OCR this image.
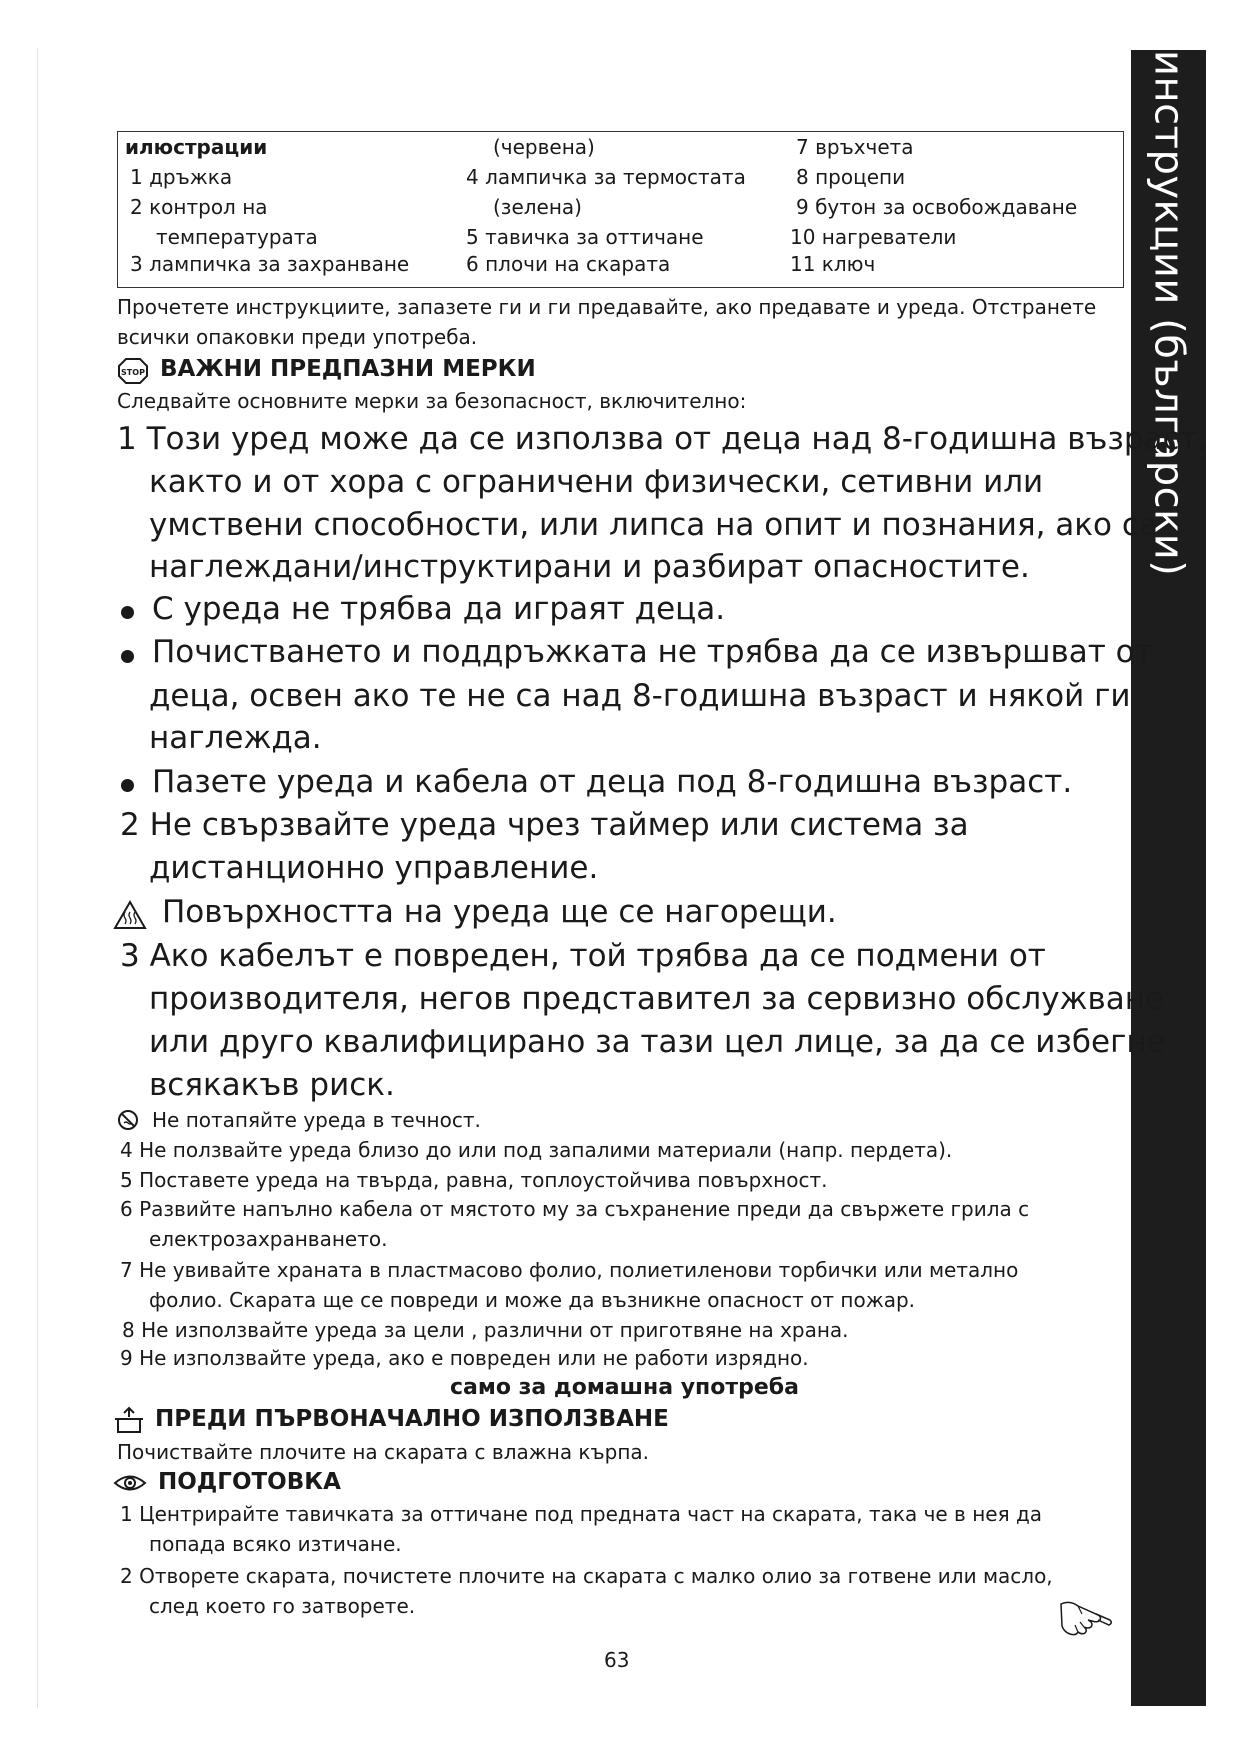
инструкции (български)
илюстрации
1 дръжка
2 контрол на
температурата
3 лампичка за захранване
(червена)
4 лампичка за термостата
(зелена)
5 тавичка за оттичане
6 плочи на скарата
7 връхчета
8 процепи
9 бутон за освобождаване
10 нагреватели
11 ключ
Прочетете инструкциите, запазете ги и ги предавайте, ако предавате и уреда. Отстранете
всички опаковки преди употреба.
STOP ВАЖНИ ПРЕДПАЗНИ МЕРКИ
Следвайте основните мерки за безопасност, включително:
1 Този уред може да се използва от деца над 8-годишна възраст,
както и от хора с ограничени физически, сетивни или
умствени способности, или липса на опит и познания, ако са
наглеждани/инструктирани и разбират опасностите.
С уреда не трябва да играят деца.
Почистването и поддръжката не трябва да се извършват от
деца, освен ако те не са над 8-годишна възраст и някой ги
наглежда.
Пазете уреда и кабела от деца под 8-годишна възраст.
2 Не свързвайте уреда чрез таймер или система за
дистанционно управление.
Повърхността на уреда ще се нагорещи.
3 Ако кабелът е повреден, той трябва да се подмени от
производителя, негов представител за сервизно обслужване
или друго квалифицирано за тази цел лице, за да се избегне
всякакъв риск.
Не потапяйте уреда в течност.
4 Не ползвайте уреда близо до или под запалими материали (напр. пердета).
5 Поставете уреда на твърда, равна, топлоустойчива повърхност.
6 Развийте напълно кабела от мястото му за съхранение преди да свържете грила с
електрозахранването.
7 Не увивайте храната в пластмасово фолио, полиетиленови торбички или метално
фолио. Скарата ще се повреди и може да възникне опасност от пожар.
8 Не използвайте уреда за цели , различни от приготвяне на храна.
9 Не използвайте уреда, ако е повреден или не работи изрядно.
само за домашна употреба
ПРЕДИ ПЪРВОНАЧАЛНО ИЗПОЛЗВАНЕ
Почиствайте плочите на скарата с влажна кърпа.
ПОДГОТОВКА
1 Центрирайте тавичката за оттичане под предната част на скарата, така че в нея да
попада всяко изтичане.
2 Отворете скарата, почистете плочите на скарата с малко олио за готвене или масло,
след което го затворете.
63
